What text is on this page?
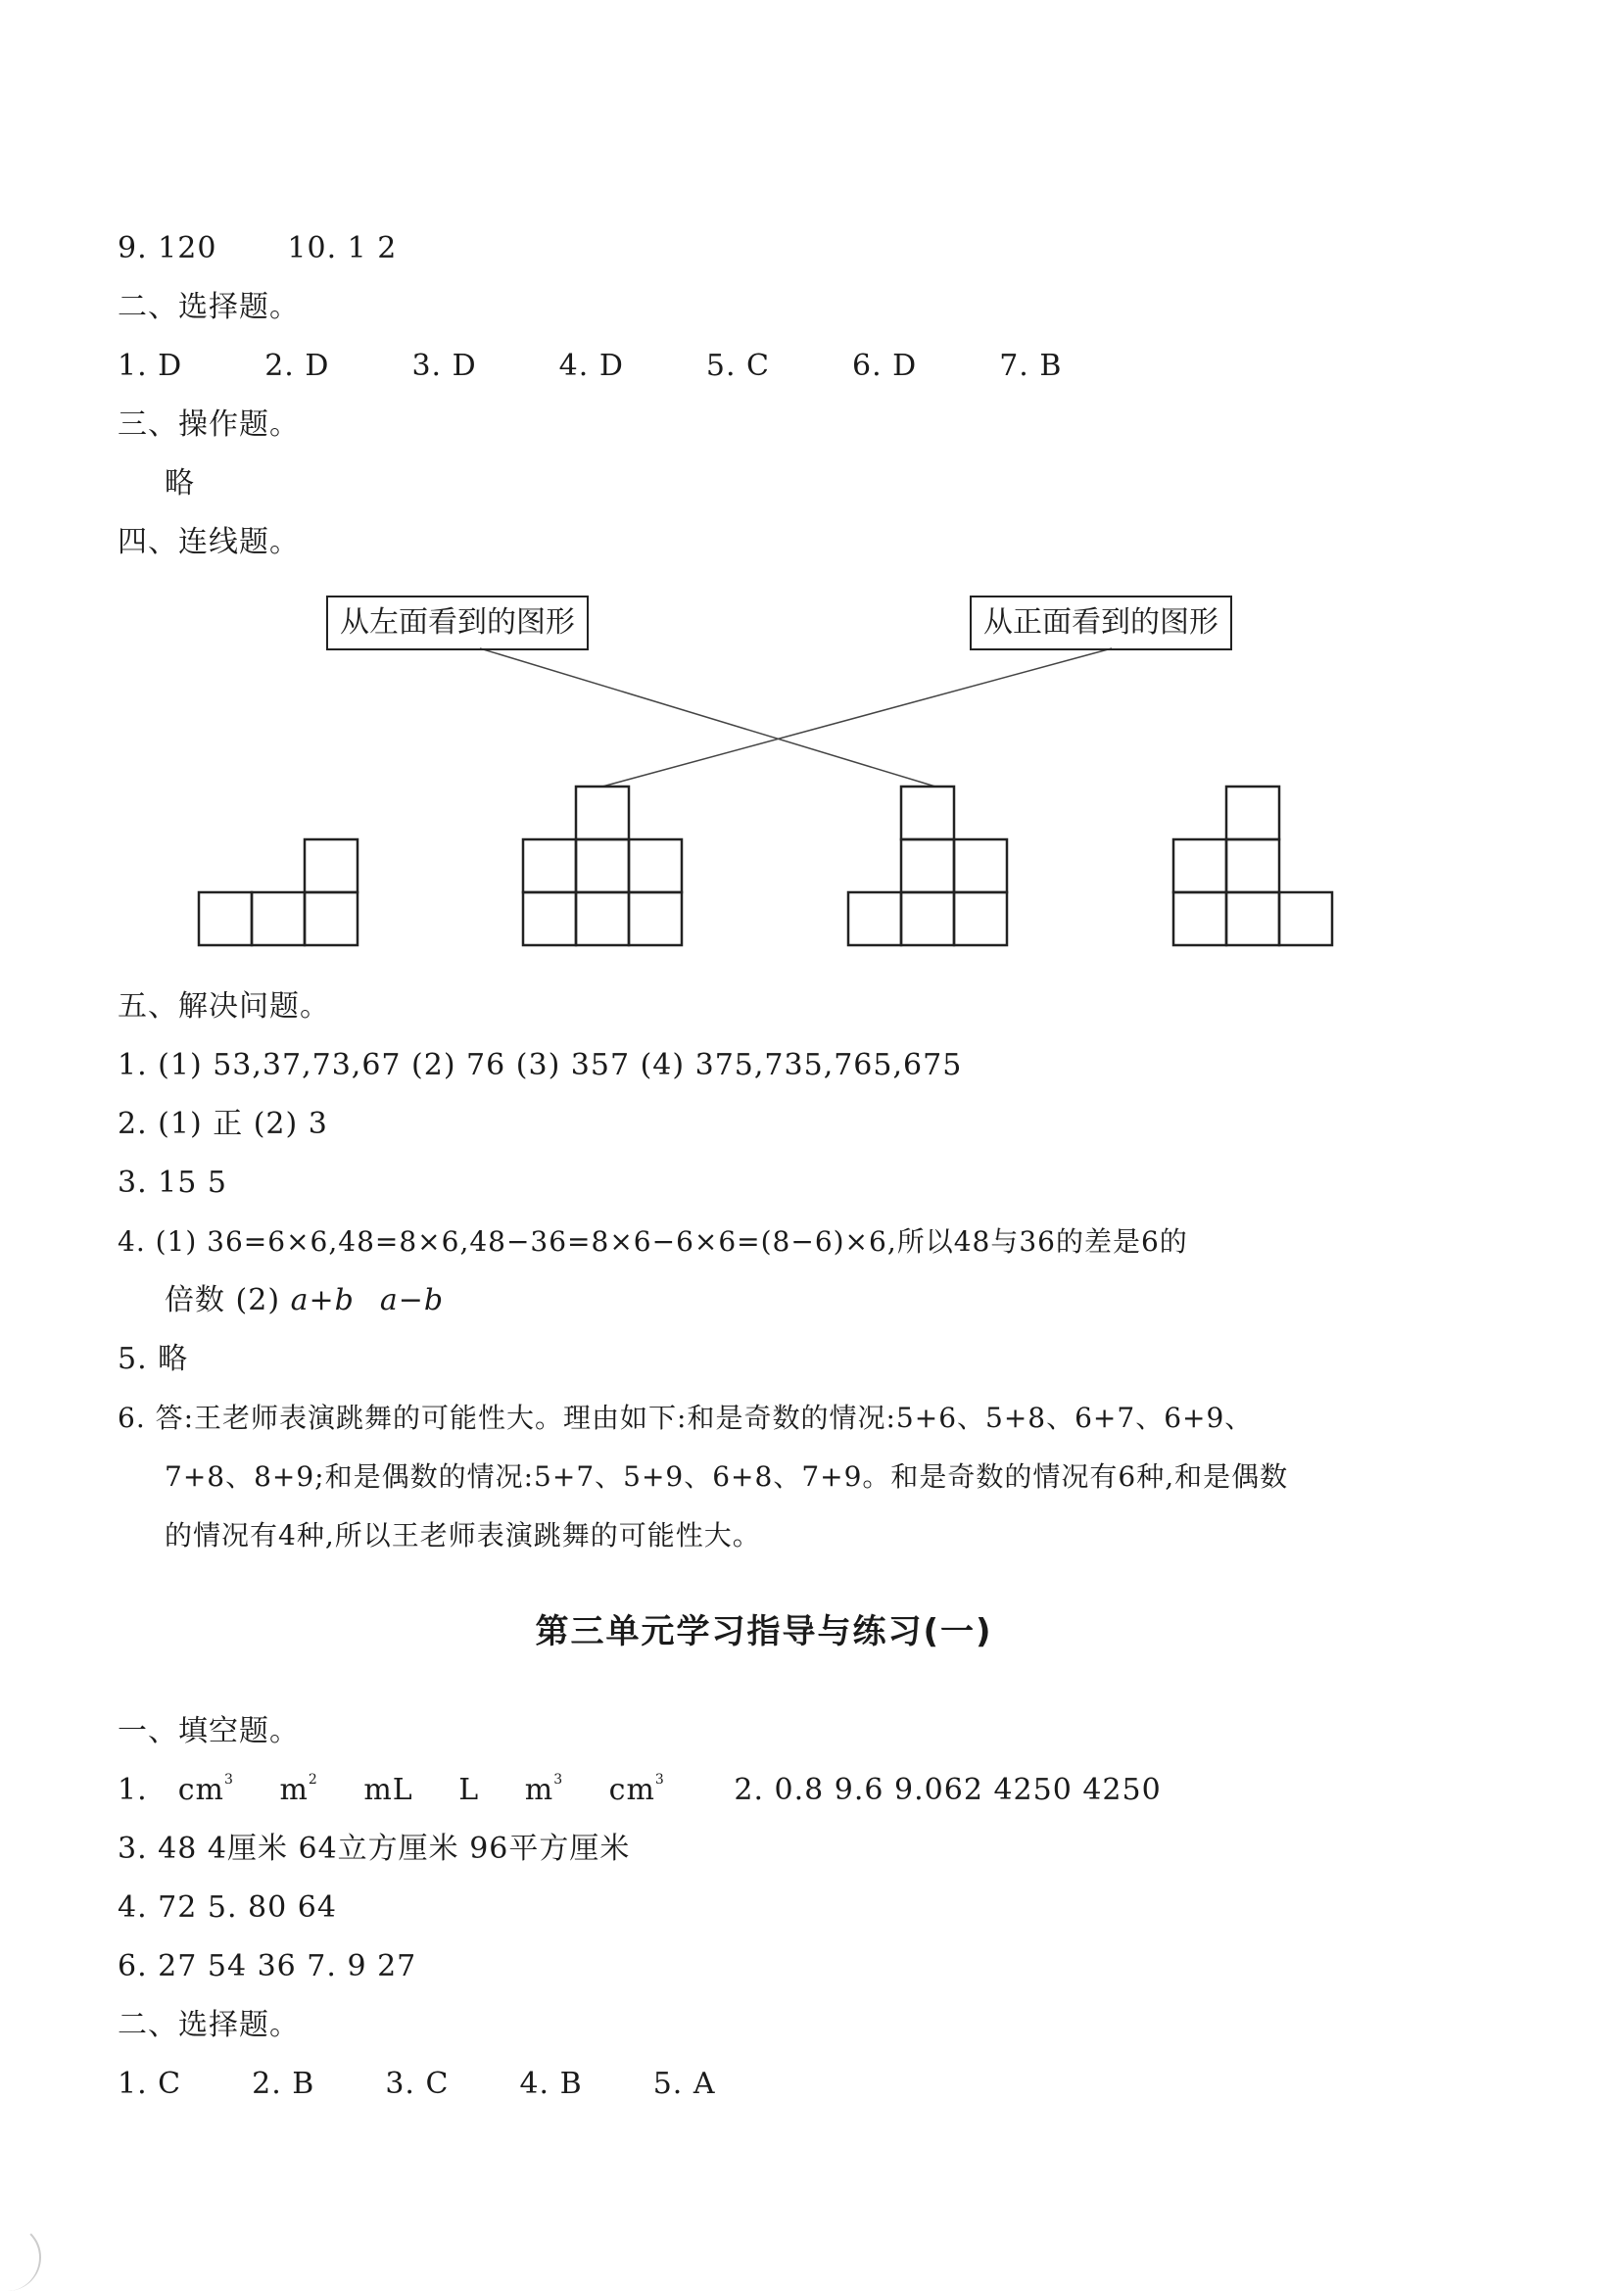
9. 120 10. 1 2
二、选择题。
1. D	2. D	3. D	4. D	5. C	6. D	7. B
三、操作题。
略
四、连线题。
从左面看到的图形	从正面看到的图形
五、解决问题。
1. (1) 53,37,73,67 (2) 76 (3) 357 (4) 375,735,765,675
2. (1) 正 (2) 3
3. 15 5
4. (1) 36=6×6,48=8×6,48−36=8×6−6×6=(8−6)×6,所以48与36的差是6的
倍数 (2) a+b a−b
5. 略
6. 答:王老师表演跳舞的可能性大。理由如下:和是奇数的情况:5+6、5+8、6+7、6+9、
7+8、8+9;和是偶数的情况:5+7、5+9、6+8、7+9。和是奇数的情况有6种,和是偶数
的情况有4种,所以王老师表演跳舞的可能性大。
第三单元学习指导与练习(一)
一、填空题。
1. $cm^3$ $m^2$ mL L $m^3$ $cm^3$ 2. 0.8 9.6 9.062 4250 4250
3. 48 4厘米 64立方厘米 96平方厘米
4. 72 5. 80 64
6. 27 54 36 7. 9 27
二、选择题。
1. C 2. B 3. C 4. B 5. A
